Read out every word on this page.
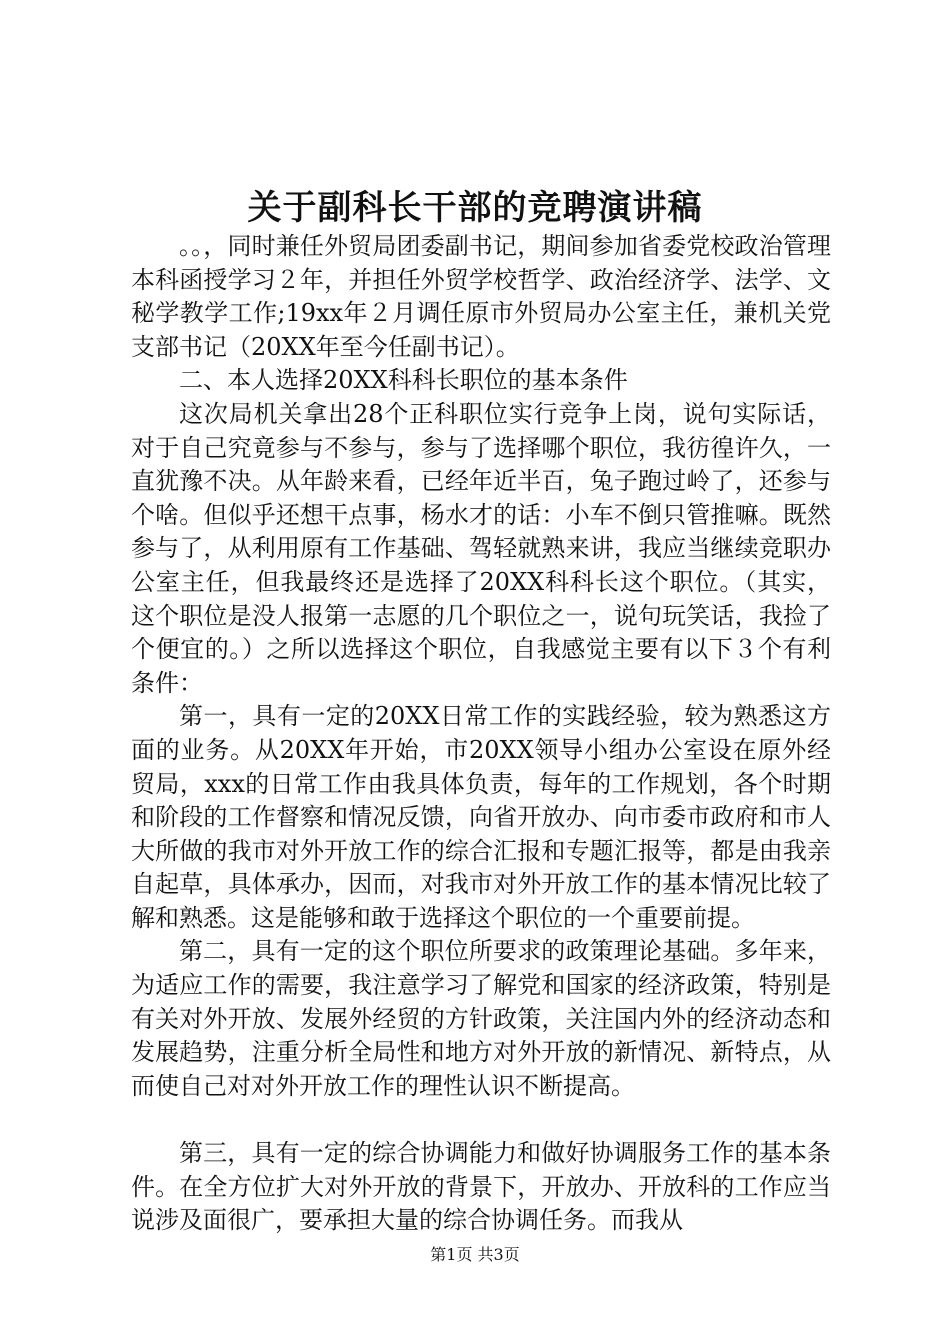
关于副科长干部的竞聘演讲稿

。。，同时兼任外贸局团委副书记，期间参加省委党校政治管理本科函授学习２年，并担任外贸学校哲学、政治经济学、法学、文秘学教学工作;19xx年２月调任原市外贸局办公室主任，兼机关党支部书记（20XX年至今任副书记）。

二、本人选择20XX科科长职位的基本条件

这次局机关拿出28个正科职位实行竞争上岗，说句实际话，对于自己究竟参与不参与，参与了选择哪个职位，我彷徨许久，一直犹豫不决。从年龄来看，已经年近半百，兔子跑过岭了，还参与个啥。但似乎还想干点事，杨水才的话：小车不倒只管推嘛。既然参与了，从利用原有工作基础、驾轻就熟来讲，我应当继续竞职办公室主任，但我最终还是选择了20XX科科长这个职位。（其实，这个职位是没人报第一志愿的几个职位之一，说句玩笑话，我捡了个便宜的。）之所以选择这个职位，自我感觉主要有以下３个有利条件：

第一，具有一定的20XX日常工作的实践经验，较为熟悉这方面的业务。从20XX年开始，市20XX领导小组办公室设在原外经贸局，xxx的日常工作由我具体负责，每年的工作规划，各个时期和阶段的工作督察和情况反馈，向省开放办、向市委市政府和市人大所做的我市对外开放工作的综合汇报和专题汇报等，都是由我亲自起草，具体承办，因而，对我市对外开放工作的基本情况比较了解和熟悉。这是能够和敢于选择这个职位的一个重要前提。

第二，具有一定的这个职位所要求的政策理论基础。多年来，为适应工作的需要，我注意学习了解党和国家的经济政策，特别是有关对外开放、发展外经贸的方针政策，关注国内外的经济动态和发展趋势，注重分析全局性和地方对外开放的新情况、新特点，从而使自己对对外开放工作的理性认识不断提高。

第三，具有一定的综合协调能力和做好协调服务工作的基本条件。在全方位扩大对外开放的背景下，开放办、开放科的工作应当说涉及面很广，要承担大量的综合协调任务。而我从

第1页 共3页
